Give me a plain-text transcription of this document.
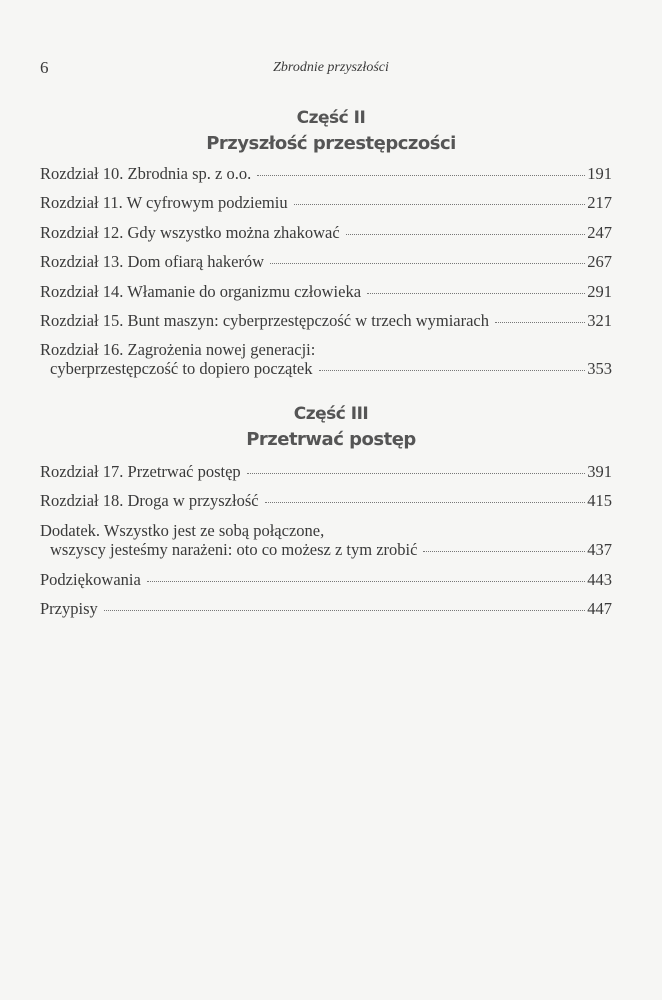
6	Zbrodnie przyszłości
Część II
Przyszłość przestępczości
Rozdział 10. Zbrodnia sp. z o.o.	191
Rozdział 11. W cyfrowym podziemiu	217
Rozdział 12. Gdy wszystko można zhakować	247
Rozdział 13. Dom ofiarą hakerów	267
Rozdział 14. Włamanie do organizmu człowieka	291
Rozdział 15. Bunt maszyn: cyberprzestępczość w trzech wymiarach	321
Rozdział 16. Zagrożenia nowej generacji:
cyberprzestępczość to dopiero początek	353
Część III
Przetrwać postęp
Rozdział 17. Przetrwać postęp	391
Rozdział 18. Droga w przyszłość	415
Dodatek. Wszystko jest ze sobą połączone,
wszyscy jesteśmy narażeni: oto co możesz z tym zrobić	437
Podziękowania	443
Przypisy	447
